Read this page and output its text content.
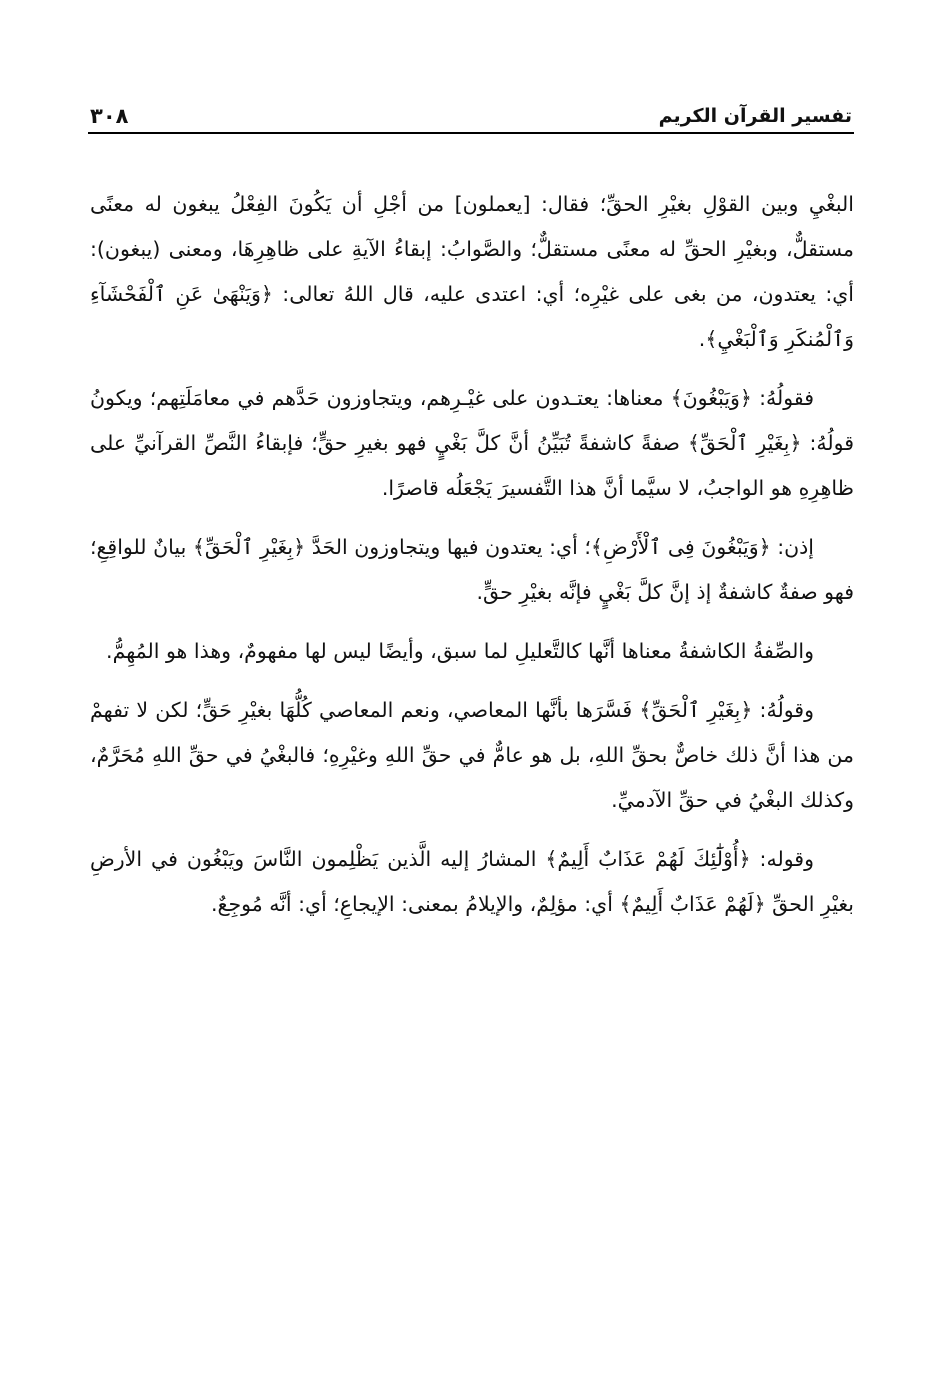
تفسير القرآن الكريم
٣٠٨

البغْيِ وبين القوْلِ بغيْرِ الحقِّ؛ فقال: [يعملون] من أجْلِ أن يَكُونَ الفِعْلُ يبغون له معنًى مستقلٌّ، وبغيْرِ الحقِّ له معنًى مستقلٌّ؛ والصَّوابُ: إبقاءُ الآيةِ على ظاهِرِهَا، ومعنى (يبغون): أي: يعتدون، من بغى على غيْرِه؛ أي: اعتدى عليه، قال اللهُ تعالى: ﴿وَيَنْهَىٰ عَنِ ٱلْفَحْشَآءِ وَٱلْمُنكَرِ وَٱلْبَغْيِ﴾.

فقولُهُ: ﴿وَيَبْغُونَ﴾ معناها: يعتـدون على غيْـرِهم، ويتجاوزون حَدَّهم في معامَلَتِهم؛ ويكونُ قولُهُ: ﴿بِغَيْرِ ٱلْحَقِّ﴾ صفةً كاشفةً تُبَيِّنُ أنَّ كلَّ بَغْيٍ فهو بغيرِ حقٍّ؛ فإبقاءُ النَّصِّ القرآنيِّ على ظاهِرِهِ هو الواجبُ، لا سيَّما أنَّ هذا التَّفسيرَ يَجْعَلُه قاصرًا.

إذن: ﴿وَيَبْغُونَ فِى ٱلْأَرْضِ﴾؛ أي: يعتدون فيها ويتجاوزون الحَدَّ ﴿بِغَيْرِ ٱلْحَقِّ﴾ بيانٌ للواقِعِ؛ فهو صفةٌ كاشفةٌ إذ إنَّ كلَّ بَغْيٍ فإنَّه بغيْرِ حقٍّ.

والصِّفةُ الكاشفةُ معناها أنَّها كالتَّعليلِ لما سبق، وأيضًا ليس لها مفهومٌ، وهذا هو المُهِمُّ.

وقولُهُ: ﴿بِغَيْرِ ٱلْحَقِّ﴾ فَسَّرَها بأنَّها المعاصي، ونعم المعاصي كُلُّهَا بغيْرِ حَقٍّ؛ لكن لا تفهمْ من هذا أنَّ ذلك خاصٌّ بحقِّ اللهِ، بل هو عامٌّ في حقِّ اللهِ وغيْرِهِ؛ فالبغْيُ في حقِّ اللهِ مُحَرَّمٌ، وكذلك البغْيُ في حقِّ الآدميِّ.

وقوله: ﴿أُوْلَٰٓئِكَ لَهُمْ عَذَابٌ أَلِيمٌ﴾ المشارُ إليه الَّذين يَظْلِمون النَّاسَ ويَبْغُون في الأرضِ بغيْرِ الحقِّ ﴿لَهُمْ عَذَابٌ أَلِيمٌ﴾ أي: مؤلِمٌ، والإيلامُ بمعنى: الإيجاعِ؛ أي: أنَّه مُوجِعٌ.
